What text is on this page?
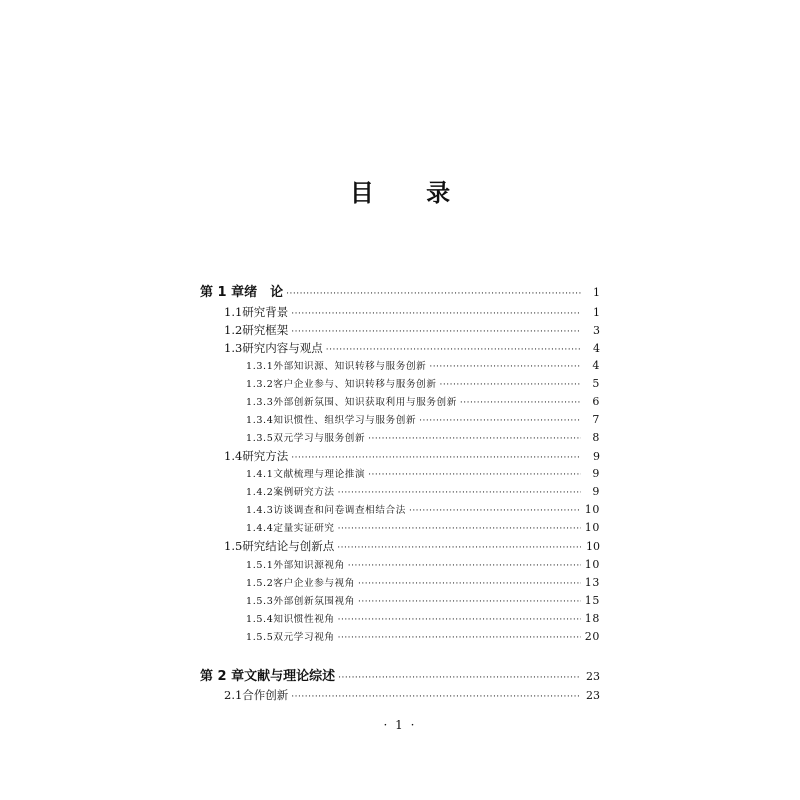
目 录
第 1 章 绪　论 ·····	1
1.1 研究背景 ·····	1
1.2 研究框架 ·····	3
1.3 研究内容与观点 ·····	4
1.3.1 外部知识源、知识转移与服务创新 ·····	4
1.3.2 客户企业参与、知识转移与服务创新 ·····	5
1.3.3 外部创新氛围、知识获取利用与服务创新 ·····	6
1.3.4 知识惯性、组织学习与服务创新 ·····	7
1.3.5 双元学习与服务创新 ·····	8
1.4 研究方法 ·····	9
1.4.1 文献梳理与理论推演 ·····	9
1.4.2 案例研究方法 ·····	9
1.4.3 访谈调查和问卷调查相结合法 ·····	10
1.4.4 定量实证研究 ·····	10
1.5 研究结论与创新点 ·····	10
1.5.1 外部知识源视角 ·····	10
1.5.2 客户企业参与视角 ·····	13
1.5.3 外部创新氛围视角 ·····	15
1.5.4 知识惯性视角 ·····	18
1.5.5 双元学习视角 ·····	20
第 2 章 文献与理论综述 ·····	23
2.1 合作创新 ·····	23
· 1 ·
